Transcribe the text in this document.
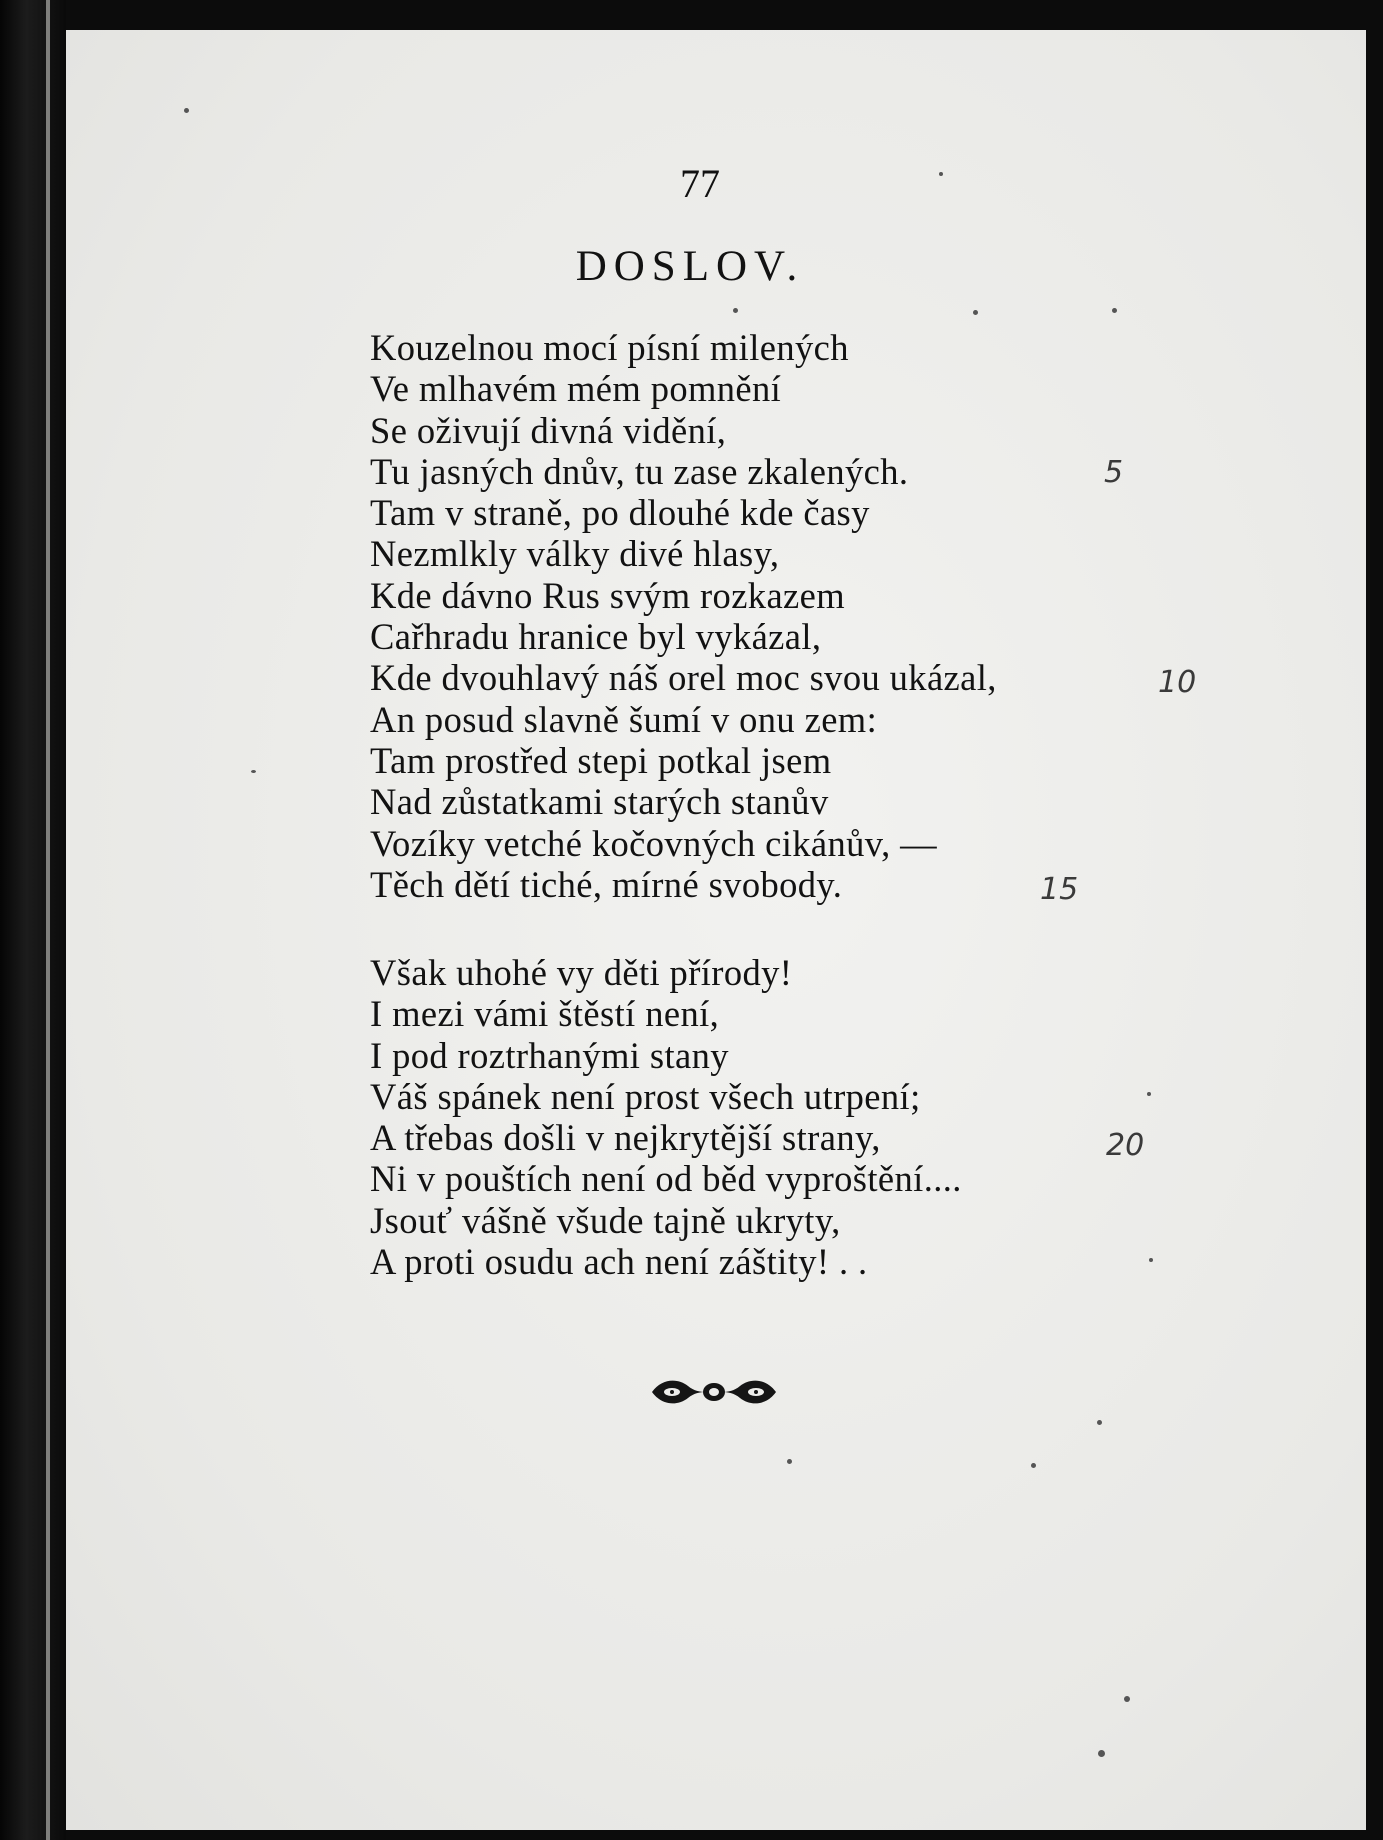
77
DOSLOV.
Kouzelnou mocí písní milených
Ve mlhavém mém pomnění
Se oživují divná vidění,
Tu jasných dnův, tu zase zkalených.
Tam v straně, po dlouhé kde časy
Nezmlkly války divé hlasy,
Kde dávno Rus svým rozkazem
Cařhradu hranice byl vykázal,
Kde dvouhlavý náš orel moc svou ukázal,
An posud slavně šumí v onu zem:
Tam prostřed stepi potkal jsem
Nad zůstatkami starých stanův
Vozíky vetché kočovných cikánův, —
Těch dětí tiché, mírné svobody.
Však uhohé vy děti přírody!
I mezi vámi štěstí není,
I pod roztrhanými stany
Váš spánek není prost všech utrpení;
A třebas došli v nejkrytější strany,
Ni v pouštích není od běd vyproštění....
Jsouť vášně všude tajně ukryty,
A proti osudu ach není záštity! . .
5
10
15
20
